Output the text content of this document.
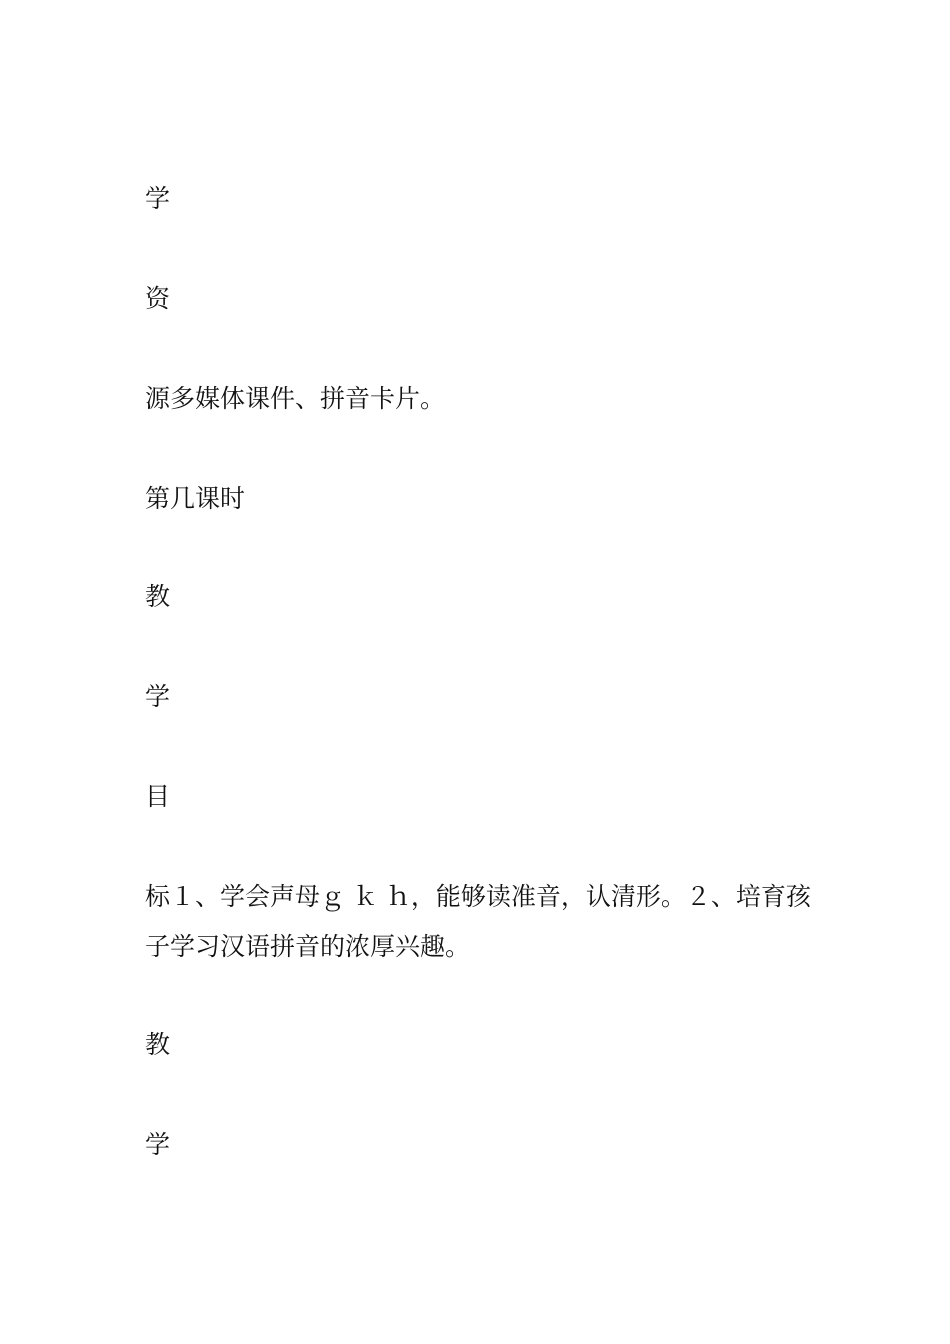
学
资
源多媒体课件、拼音卡片。
第几课时
教
学
目
标１、学会声母ｇ ｋ ｈ，能够读准音，认清形。２、培育孩子学习汉语拼音的浓厚兴趣。
教
学
